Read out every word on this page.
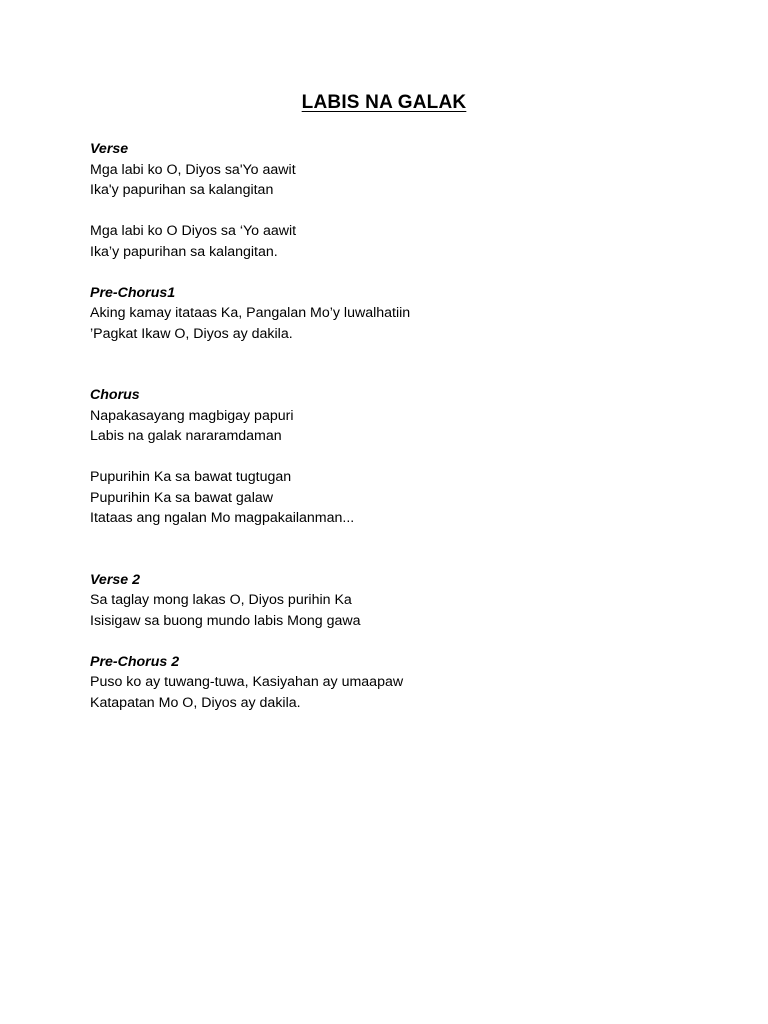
LABIS NA GALAK
Verse
Mga labi ko O, Diyos sa'Yo aawit
Ika'y papurihan sa kalangitan
Mga labi ko O Diyos sa ‘Yo aawit
Ika’y papurihan sa kalangitan.
Pre-Chorus1
Aking kamay itataas Ka, Pangalan Mo’y luwalhatiin
’Pagkat Ikaw O, Diyos ay dakila.
Chorus
Napakasayang magbigay papuri
Labis na galak nararamdaman
Pupurihin Ka sa bawat tugtugan
Pupurihin Ka sa bawat galaw
Itataas ang ngalan Mo magpakailanman...
Verse 2
Sa taglay mong lakas O, Diyos purihin Ka
Isisigaw sa buong mundo labis Mong gawa
Pre-Chorus 2
Puso ko ay tuwang-tuwa, Kasiyahan ay umaapaw
Katapatan Mo O, Diyos ay dakila.
